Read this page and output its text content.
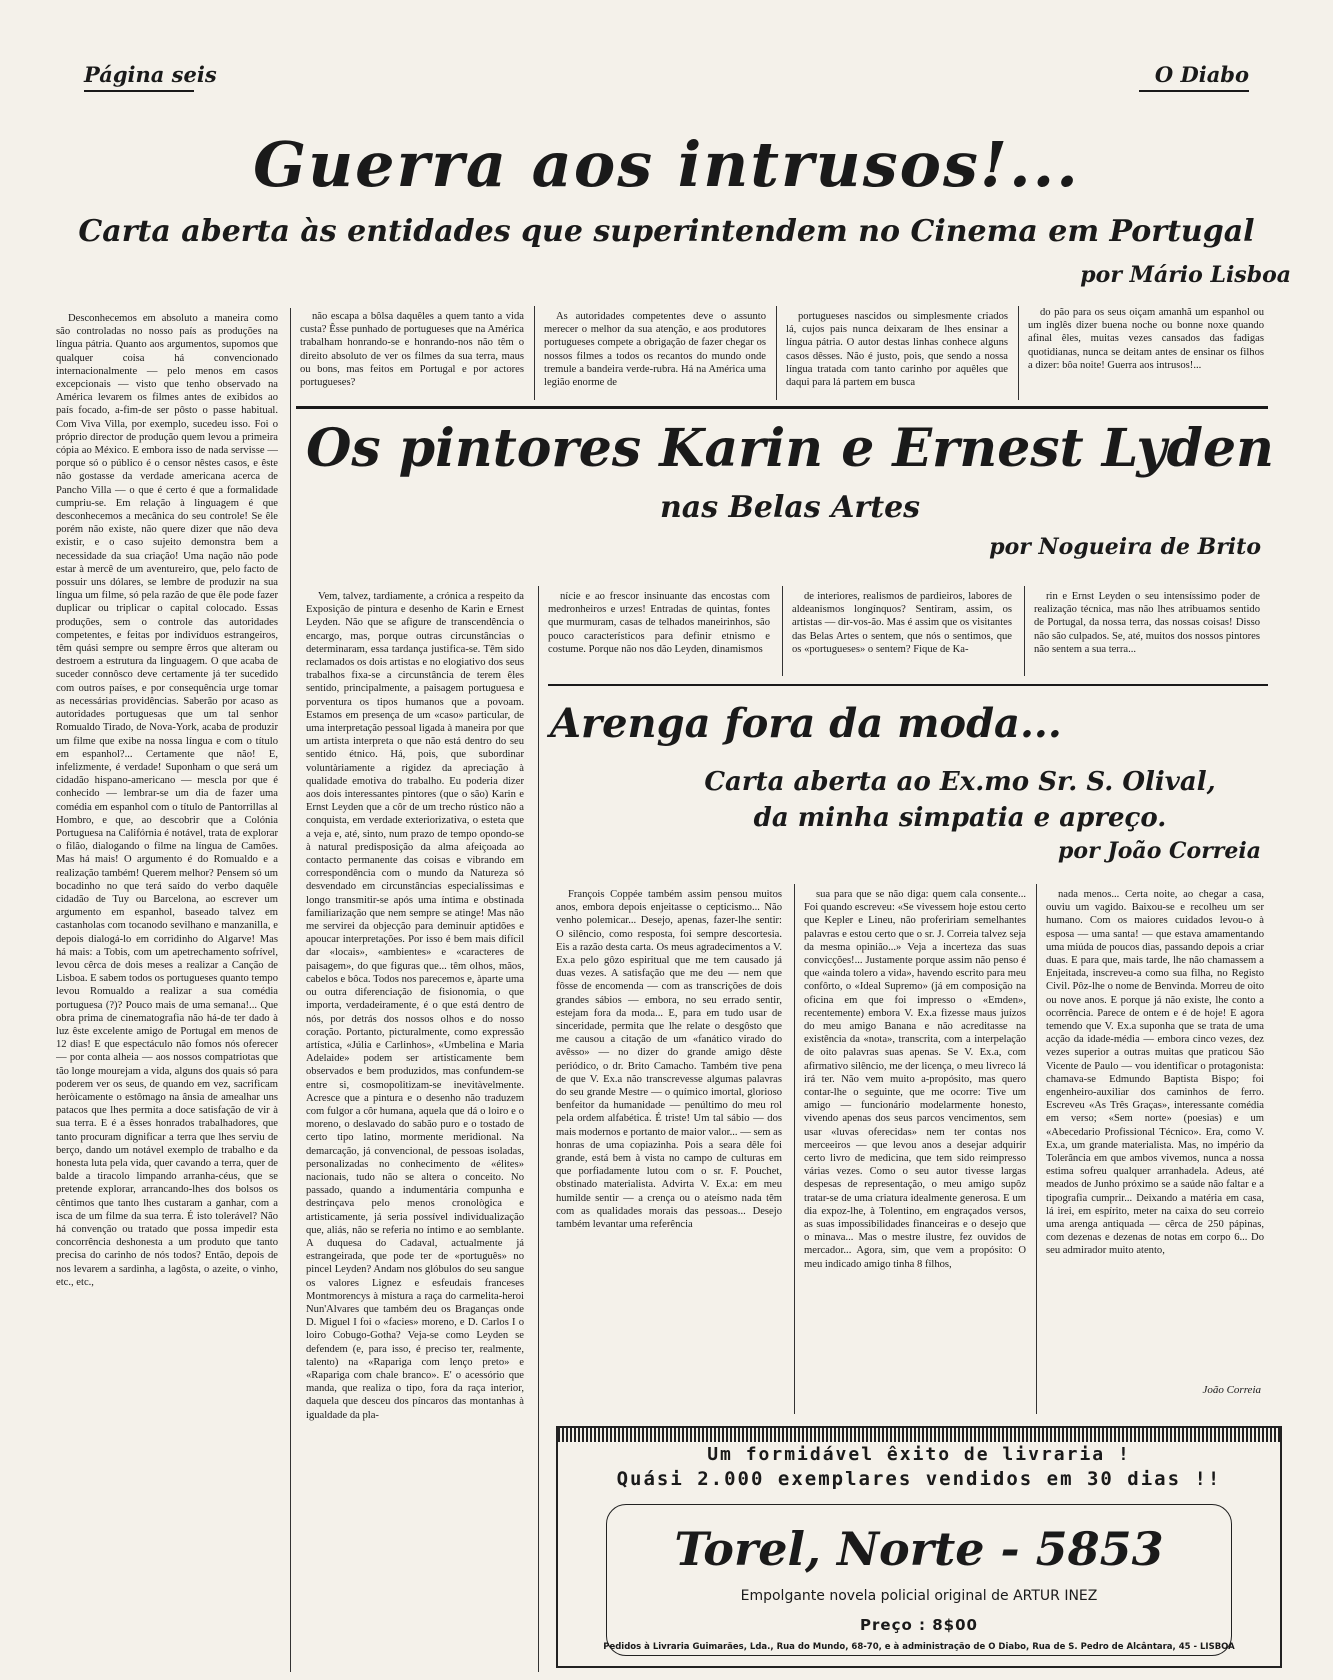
Página seis	O Diabo
Guerra aos intrusos!...
Carta aberta às entidades que superintendem no Cinema em Portugal
por Mário Lisboa

Desconhecemos em absoluto a maneira como são controladas no nosso país as produções na língua pátria. Quanto aos argumentos, supomos que qualquer coisa há convencionado internacionalmente — pelo menos em casos excepcionais — visto que tenho observado na América levarem os filmes antes de exibidos ao país focado, a-fim-de ser pôsto o passe habitual. Com Viva Villa, por exemplo, sucedeu isso. Foi o próprio director de produção quem levou a primeira cópia ao México. E embora isso de nada servisse — porque só o público é o censor nêstes casos, e êste não gostasse da verdade americana acerca de Pancho Villa — o que é certo é que a formalidade cumpriu-se. Em relação à linguagem é que desconhecemos a mecânica do seu controle! Se êle porém não existe, não quere dizer que não deva existir, e o caso sujeito demonstra bem a necessidade da sua criação! Uma nação não pode estar à mercê de um aventureiro, que, pelo facto de possuir uns dólares, se lembre de produzir na sua língua um filme, só pela razão de que êle pode fazer duplicar ou triplicar o capital colocado. Essas produções, sem o controle das autoridades competentes, e feitas por indivíduos estrangeiros, têm quási sempre ou sempre êrros que alteram ou destroem a estrutura da linguagem. O que acaba de suceder connôsco deve certamente já ter sucedido com outros países, e por consequência urge tomar as necessárias providências. Saberão por acaso as autoridades portuguesas que um tal senhor Romualdo Tirado, de Nova-York, acaba de produzir um filme que exibe na nossa língua e com o título em espanhol?... Certamente que não! E, infelizmente, é verdade! Suponham o que será um cidadão hispano-americano — mescla por que é conhecido — lembrar-se um dia de fazer uma comédia em espanhol com o título de Pantorrillas al Hombro, e que, ao descobrir que a Colónia Portuguesa na Califórnia é notável, trata de explorar o filão, dialogando o filme na língua de Camões. Mas há mais! O argumento é do Romualdo e a realização também! Querem melhor? Pensem só um bocadinho no que terá saído do verbo daquêle cidadão de Tuy ou Barcelona, ao escrever um argumento em espanhol, baseado talvez em castanholas com tocanodo sevilhano e manzanilla, e depois dialogá-lo em corridinho do Algarve! Mas há mais: a Tobis, com um apetrechamento sofrível, levou cêrca de dois meses a realizar a Canção de Lisboa. E sabem todos os portugueses quanto tempo levou Romualdo a realizar a sua comédia portuguesa (?)? Pouco mais de uma semana!... Que obra prima de cinematografia não há-de ter dado à luz êste excelente amigo de Portugal em menos de 12 dias! E que espectáculo não fomos nós oferecer — por conta alheia — aos nossos compatriotas que tão longe mourejam a vida, alguns dos quais só para poderem ver os seus, de quando em vez, sacrificam heròicamente o estômago na ânsia de amealhar uns patacos que lhes permita a doce satisfação de vir à sua terra. E é a êsses honrados trabalhadores, que tanto procuram dignificar a terra que lhes serviu de berço, dando um notável exemplo de trabalho e da honesta luta pela vida, quer cavando a terra, quer de balde a tiracolo limpando arranha-céus, que se pretende explorar, arrancando-lhes dos bolsos os cêntimos que tanto lhes custaram a ganhar, com a isca de um filme da sua terra. É isto tolerável? Não há convenção ou tratado que possa impedir esta concorrência deshonesta a um produto que tanto precisa do carinho de nós todos? Então, depois de nos levarem a sardinha, a lagôsta, o azeite, o vinho, etc., etc.,

não escapa a bôlsa daquêles a quem tanto a vida custa? Êsse punhado de portugueses que na América trabalham honrando-se e honrando-nos não têm o direito absoluto de ver os filmes da sua terra, maus ou bons, mas feitos em Portugal e por actores portugueses?

As autoridades competentes deve o assunto merecer o melhor da sua atenção, e aos produtores portugueses compete a obrigação de fazer chegar os nossos filmes a todos os recantos do mundo onde tremule a bandeira verde-rubra. Há na América uma legião enorme de

portugueses nascidos ou simplesmente criados lá, cujos pais nunca deixaram de lhes ensinar a língua pátria. O autor destas linhas conhece alguns casos dêsses. Não é justo, pois, que sendo a nossa língua tratada com tanto carinho por aquêles que daqui para lá partem em busca

do pão para os seus oiçam amanhã um espanhol ou um inglês dizer buena noche ou bonne noxe quando afinal êles, muitas vezes cansados das fadigas quotidianas, nunca se deitam antes de ensinar os filhos a dizer: bôa noite! Guerra aos intrusos!...

Os pintores Karin e Ernest Lyden
nas Belas Artes
por Nogueira de Brito

Vem, talvez, tardiamente, a crónica a respeito da Exposição de pintura e desenho de Karin e Ernest Leyden. Não que se afigure de transcendência o encargo, mas, porque outras circunstâncias o determinaram, essa tardança justifica-se. Têm sido reclamados os dois artistas e no elogiativo dos seus trabalhos fixa-se a circunstância de terem êles sentido, principalmente, a paisagem portuguesa e porventura os tipos humanos que a povoam. Estamos em presença de um «caso» particular, de uma interpretação pessoal ligada à maneira por que um artista interpreta o que não está dentro do seu sentido étnico. Há, pois, que subordinar voluntàriamente a rigidez da apreciação à qualidade emotiva do trabalho. Eu poderia dizer aos dois interessantes pintores (que o são) Karin e Ernst Leyden que a côr de um trecho rústico não a conquista, em verdade exteriorizativa, o esteta que a veja e, até, sinto, num prazo de tempo opondo-se à natural predisposição da alma afeiçoada ao contacto permanente das coisas e vibrando em correspondência com o mundo da Natureza só desvendado em circunstâncias especialíssimas e longo transmitir-se após uma íntima e obstinada familiarização que nem sempre se atinge! Mas não me servirei da objecção para deminuir aptidões e apoucar interpretações. Por isso é bem mais difícil dar «locais», «ambientes» e «caracteres de paisagem», do que figuras que... têm olhos, mãos, cabelos e bôca. Todos nos parecemos e, àparte uma ou outra diferenciação de fisionomia, o que importa, verdadeiramente, é o que está dentro de nós, por detrás dos nossos olhos e do nosso coração. Portanto, picturalmente, como expressão artística, «Júlia e Carlinhos», «Umbelina e Maria Adelaide» podem ser artisticamente bem observados e bem produzidos, mas confundem-se entre si, cosmopolitizam-se inevitàvelmente. Acresce que a pintura e o desenho não traduzem com fulgor a côr humana, aquela que dá o loiro e o moreno, o deslavado do sabão puro e o tostado de certo tipo latino, mormente meridional. Na demarcação, já convencional, de pessoas isoladas, personalizadas no conhecimento de «élites» nacionais, tudo não se altera o conceito. No passado, quando a indumentária compunha e destrinçava pelo menos cronològica e artisticamente, já seria possível individualização que, aliás, não se referia no íntimo e ao semblante. A duquesa do Cadaval, actualmente já estrangeirada, que pode ter de «português» no pincel Leyden? Andam nos glóbulos do seu sangue os valores Lignez e esfeudais franceses Montmorencys à mistura a raça do carmelita-heroi Nun'Alvares que também deu os Braganças onde D. Miguel I foi o «facies» moreno, e D. Carlos I o loiro Cobugo-Gotha? Veja-se como Leyden se defendem (e, para isso, é preciso ter, realmente, talento) na «Rapariga com lenço preto» e «Rapariga com chale branco». E' o acessório que manda, que realiza o tipo, fora da raça interior, daquela que desceu dos píncaros das montanhas à igualdade da pla-

nície e ao frescor insinuante das encostas com medronheiros e urzes! Entradas de quintas, fontes que murmuram, casas de telhados maneirinhos, são pouco característicos para definir etnismo e costume. Porque não nos dão Leyden, dinamismos

de interiores, realismos de pardieiros, labores de aldeanismos longínquos? Sentiram, assim, os artistas — dir-vos-ão. Mas é assim que os visitantes das Belas Artes o sentem, que nós o sentimos, que os «portugueses» o sentem? Fique de Ka-

rin e Ernst Leyden o seu intensíssimo poder de realização técnica, mas não lhes atribuamos sentido de Portugal, da nossa terra, das nossas coisas! Disso não são culpados. Se, até, muitos dos nossos pintores não sentem a sua terra...

Arenga fora da moda...
Carta aberta ao Ex.mo Sr. S. Olival,
da minha simpatia e apreço.
por João Correia

François Coppée também assim pensou muitos anos, embora depois enjeitasse o cepticismo... Não venho polemicar... Desejo, apenas, fazer-lhe sentir: O silêncio, como resposta, foi sempre descortesia. Eis a razão desta carta. Os meus agradecimentos a V. Ex.a pelo gôzo espiritual que me tem causado já duas vezes. A satisfação que me deu — nem que fôsse de encomenda — com as transcrições de dois grandes sábios — embora, no seu errado sentir, estejam fora da moda... E, para em tudo usar de sinceridade, permita que lhe relate o desgôsto que me causou a citação de um «fanático virado do avêsso» — no dizer do grande amigo dêste periódico, o dr. Brito Camacho. Também tive pena de que V. Ex.a não transcrevesse algumas palavras do seu grande Mestre — o químico imortal, glorioso benfeitor da humanidade — penúltimo do meu rol pela ordem alfabética. É triste! Um tal sábio — dos mais modernos e portanto de maior valor... — sem as honras de uma copiazinha. Pois a seara dêle foi grande, está bem à vista no campo de culturas em que porfiadamente lutou com o sr. F. Pouchet, obstinado materialista. Advirta V. Ex.a: em meu humilde sentir — a crença ou o ateísmo nada têm com as qualidades morais das pessoas... Desejo também levantar uma referência

sua para que se não diga: quem cala consente... Foi quando escreveu: «Se vivessem hoje estou certo que Kepler e Lineu, não profeririam semelhantes palavras e estou certo que o sr. J. Correia talvez seja da mesma opinião...» Veja a incerteza das suas convicções!... Justamente porque assim não penso é que «ainda tolero a vida», havendo escrito para meu confôrto, o «Ideal Supremo» (já em composição na oficina em que foi impresso o «Emden», recentemente) embora V. Ex.a fizesse maus juízos do meu amigo Banana e não acreditasse na existência da «nota», transcrita, com a interpelação de oito palavras suas apenas. Se V. Ex.a, com afirmativo silêncio, me der licença, o meu livreco lá irá ter. Não vem muito a-propósito, mas quero contar-lhe o seguinte, que me ocorre: Tive um amigo — funcionário modelarmente honesto, vivendo apenas dos seus parcos vencimentos, sem usar «luvas oferecidas» nem ter contas nos merceeiros — que levou anos a desejar adquirir certo livro de medicina, que tem sido reimpresso várias vezes. Como o seu autor tivesse largas despesas de representação, o meu amigo supôz tratar-se de uma criatura idealmente generosa. E um dia expoz-lhe, à Tolentino, em engraçados versos, as suas impossibilidades financeiras e o desejo que o minava... Mas o mestre ilustre, fez ouvidos de mercador... Agora, sim, que vem a propósito: O meu indicado amigo tinha 8 filhos,

nada menos... Certa noite, ao chegar a casa, ouviu um vagido. Baixou-se e recolheu um ser humano. Com os maiores cuidados levou-o à esposa — uma santa! — que estava amamentando uma miúda de poucos dias, passando depois a criar duas. E para que, mais tarde, lhe não chamassem a Enjeitada, inscreveu-a como sua filha, no Registo Civil. Pôz-lhe o nome de Benvinda. Morreu de oito ou nove anos. E porque já não existe, lhe conto a ocorrência. Parece de ontem e é de hoje! E agora temendo que V. Ex.a suponha que se trata de uma acção da idade-média — embora cinco vezes, dez vezes superior a outras muitas que praticou São Vicente de Paulo — vou identificar o protagonista: chamava-se Edmundo Baptista Bispo; foi engenheiro-auxiliar dos caminhos de ferro. Escreveu «As Três Graças», interessante comédia em verso; «Sem norte» (poesias) e um «Abecedario Profissional Técnico». Era, como V. Ex.a, um grande materialista. Mas, no império da Tolerância em que ambos vivemos, nunca a nossa estima sofreu qualquer arranhadela. Adeus, até meados de Junho próximo se a saúde não faltar e a tipografia cumprir... Deixando a matéria em casa, lá irei, em espírito, meter na caixa do seu correio uma arenga antiquada — cêrca de 250 pápinas, com dezenas e dezenas de notas em corpo 6... Do seu admirador muito atento,

João Correia
Um formidável êxito de livraria !
Quási 2.000 exemplares vendidos em 30 dias !!
Torel, Norte - 5853
Empolgante novela policial original de ARTUR INEZ
Preço : 8$00
Pedidos à Livraria Guimarães, Lda., Rua do Mundo, 68-70, e à administração de O Diabo, Rua de S. Pedro de Alcântara, 45 - LISBOA
